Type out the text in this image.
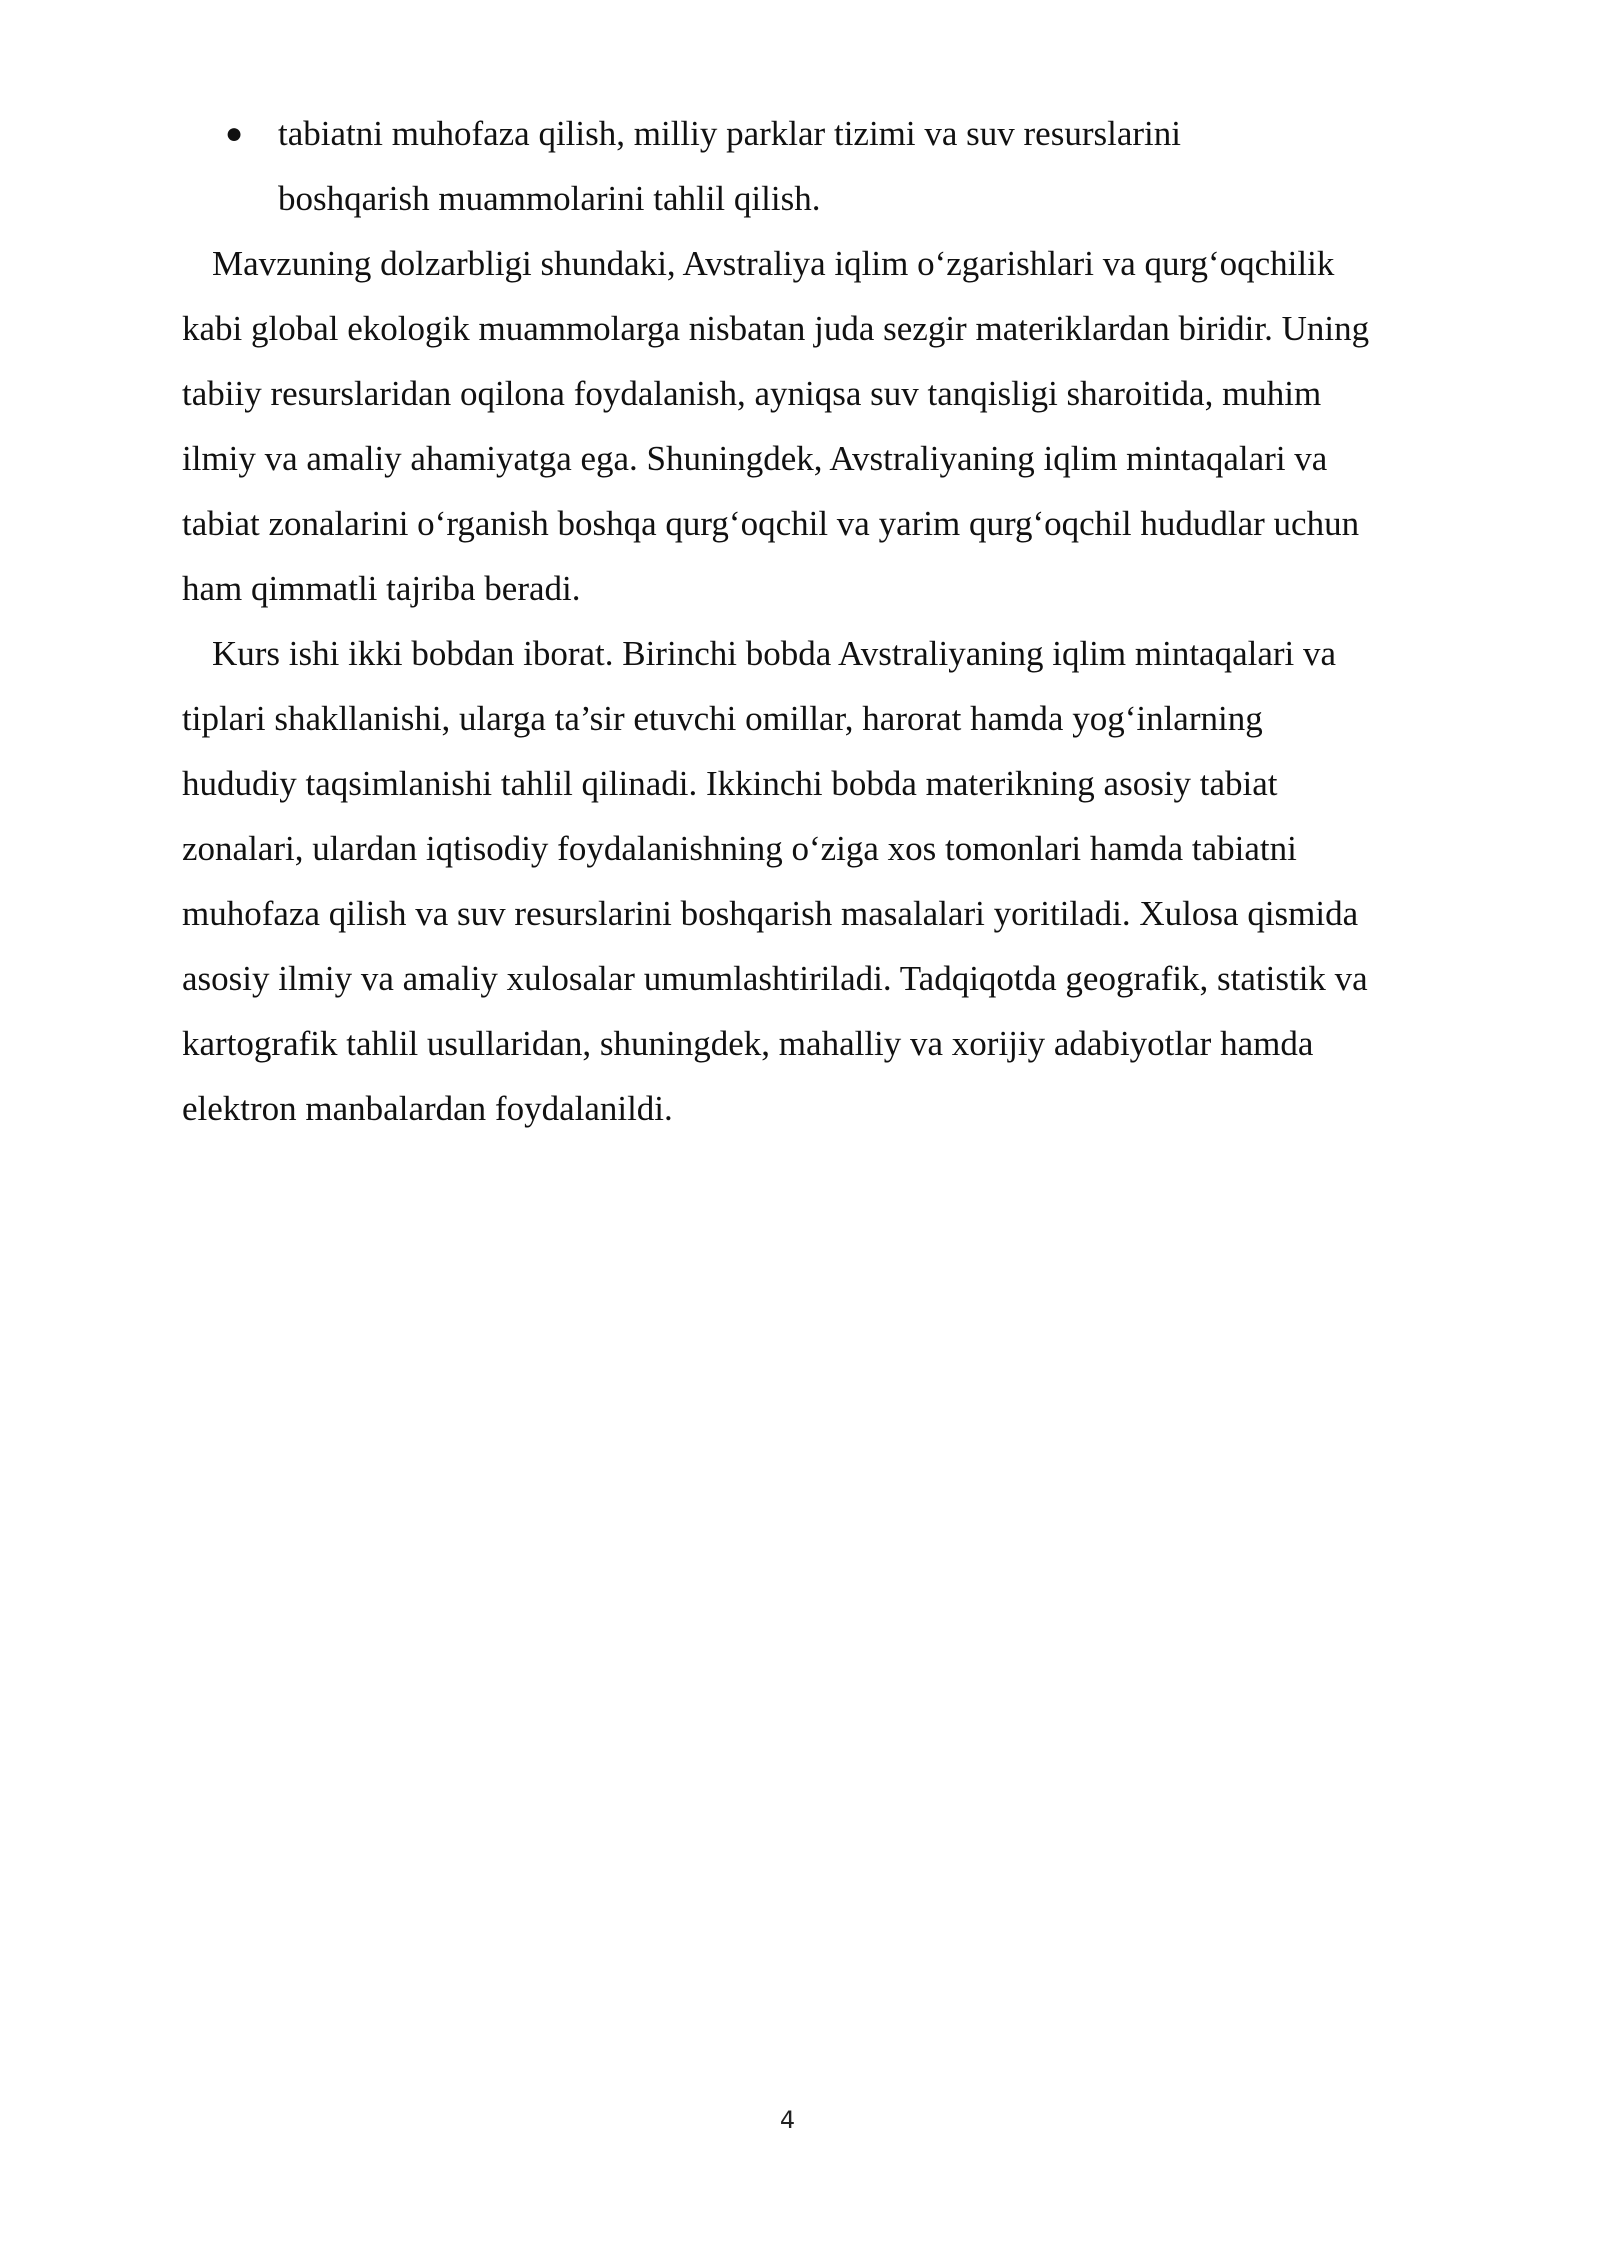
● tabiatni muhofaza qilish, milliy parklar tizimi va suv resurslarini boshqarish muammolarini tahlil qilish.

Mavzuning dolzarbligi shundaki, Avstraliya iqlim o‘zgarishlari va qurg‘oqchilik kabi global ekologik muammolarga nisbatan juda sezgir materiklardan biridir. Uning tabiiy resurslaridan oqilona foydalanish, ayniqsa suv tanqisligi sharoitida, muhim ilmiy va amaliy ahamiyatga ega. Shuningdek, Avstraliyaning iqlim mintaqalari va tabiat zonalarini o‘rganish boshqa qurg‘oqchil va yarim qurg‘oqchil hududlar uchun ham qimmatli tajriba beradi.

Kurs ishi ikki bobdan iborat. Birinchi bobda Avstraliyaning iqlim mintaqalari va tiplari shakllanishi, ularga ta’sir etuvchi omillar, harorat hamda yog‘inlarning hududiy taqsimlanishi tahlil qilinadi. Ikkinchi bobda materikning asosiy tabiat zonalari, ulardan iqtisodiy foydalanishning o‘ziga xos tomonlari hamda tabiatni muhofaza qilish va suv resurslarini boshqarish masalalari yoritiladi. Xulosa qismida asosiy ilmiy va amaliy xulosalar umumlashtiriladi. Tadqiqotda geografik, statistik va kartografik tahlil usullaridan, shuningdek, mahalliy va xorijiy adabiyotlar hamda elektron manbalardan foydalanildi.

4
